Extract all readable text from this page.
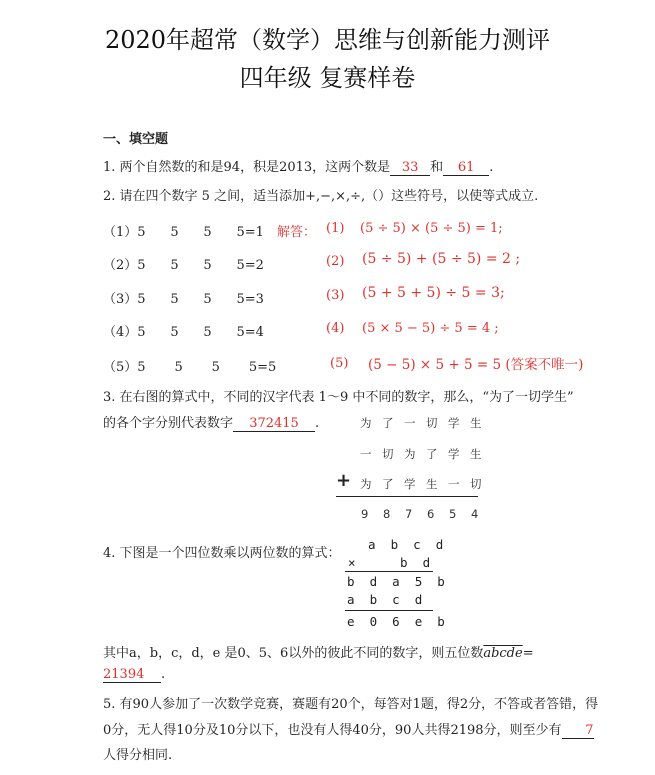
2020年超常（数学）思维与创新能力测评
四年级 复赛样卷
一、填空题
1. 两个自然数的和是94，积是2013，这两个数是 33 和 61 .
2. 请在四个数字 5 之间，适当添加+,−,×,÷,（）这些符号，以使等式成立.
（1）5      5      5      5=1 解答： (1) (5 ÷ 5) × (5 ÷ 5) = 1;
（2）5      5      5      5=2	(2) (5 ÷ 5) + (5 ÷ 5) = 2 ;
（3）5      5      5      5=3	(3) (5 + 5 + 5) ÷ 5 = 3;
（4）5      5      5      5=4	(4) (5 × 5 − 5) ÷ 5 = 4 ;
（5）5       5       5       5=5	(5) (5 − 5) × 5 + 5 = 5 (答案不唯一)
3. 在右图的算式中，不同的汉字代表 1～9 中不同的数字，那么，“为了一切学生”
的各个字分别代表数字 372415 .	为 了 一 切 学 生
一 切 为 了 学 生
+ 为 了 学 生 一 切
9 8 7 6 5 4
4. 下图是一个四位数乘以两位数的算式：
a  b  c  d
×	b  d
b  d  a  5  b
a  b  c  d
e  0  6  e  b
其中a，b，c，d，e 是0、5、6以外的彼此不同的数字，则五位数abcde=
21394 .
5. 有90人参加了一次数学竞赛，赛题有20个，每答对1题，得2分，不答或者答错，得
0分，无人得10分及10分以下，也没有人得40分，90人共得2198分，则至少有 7
人得分相同.
